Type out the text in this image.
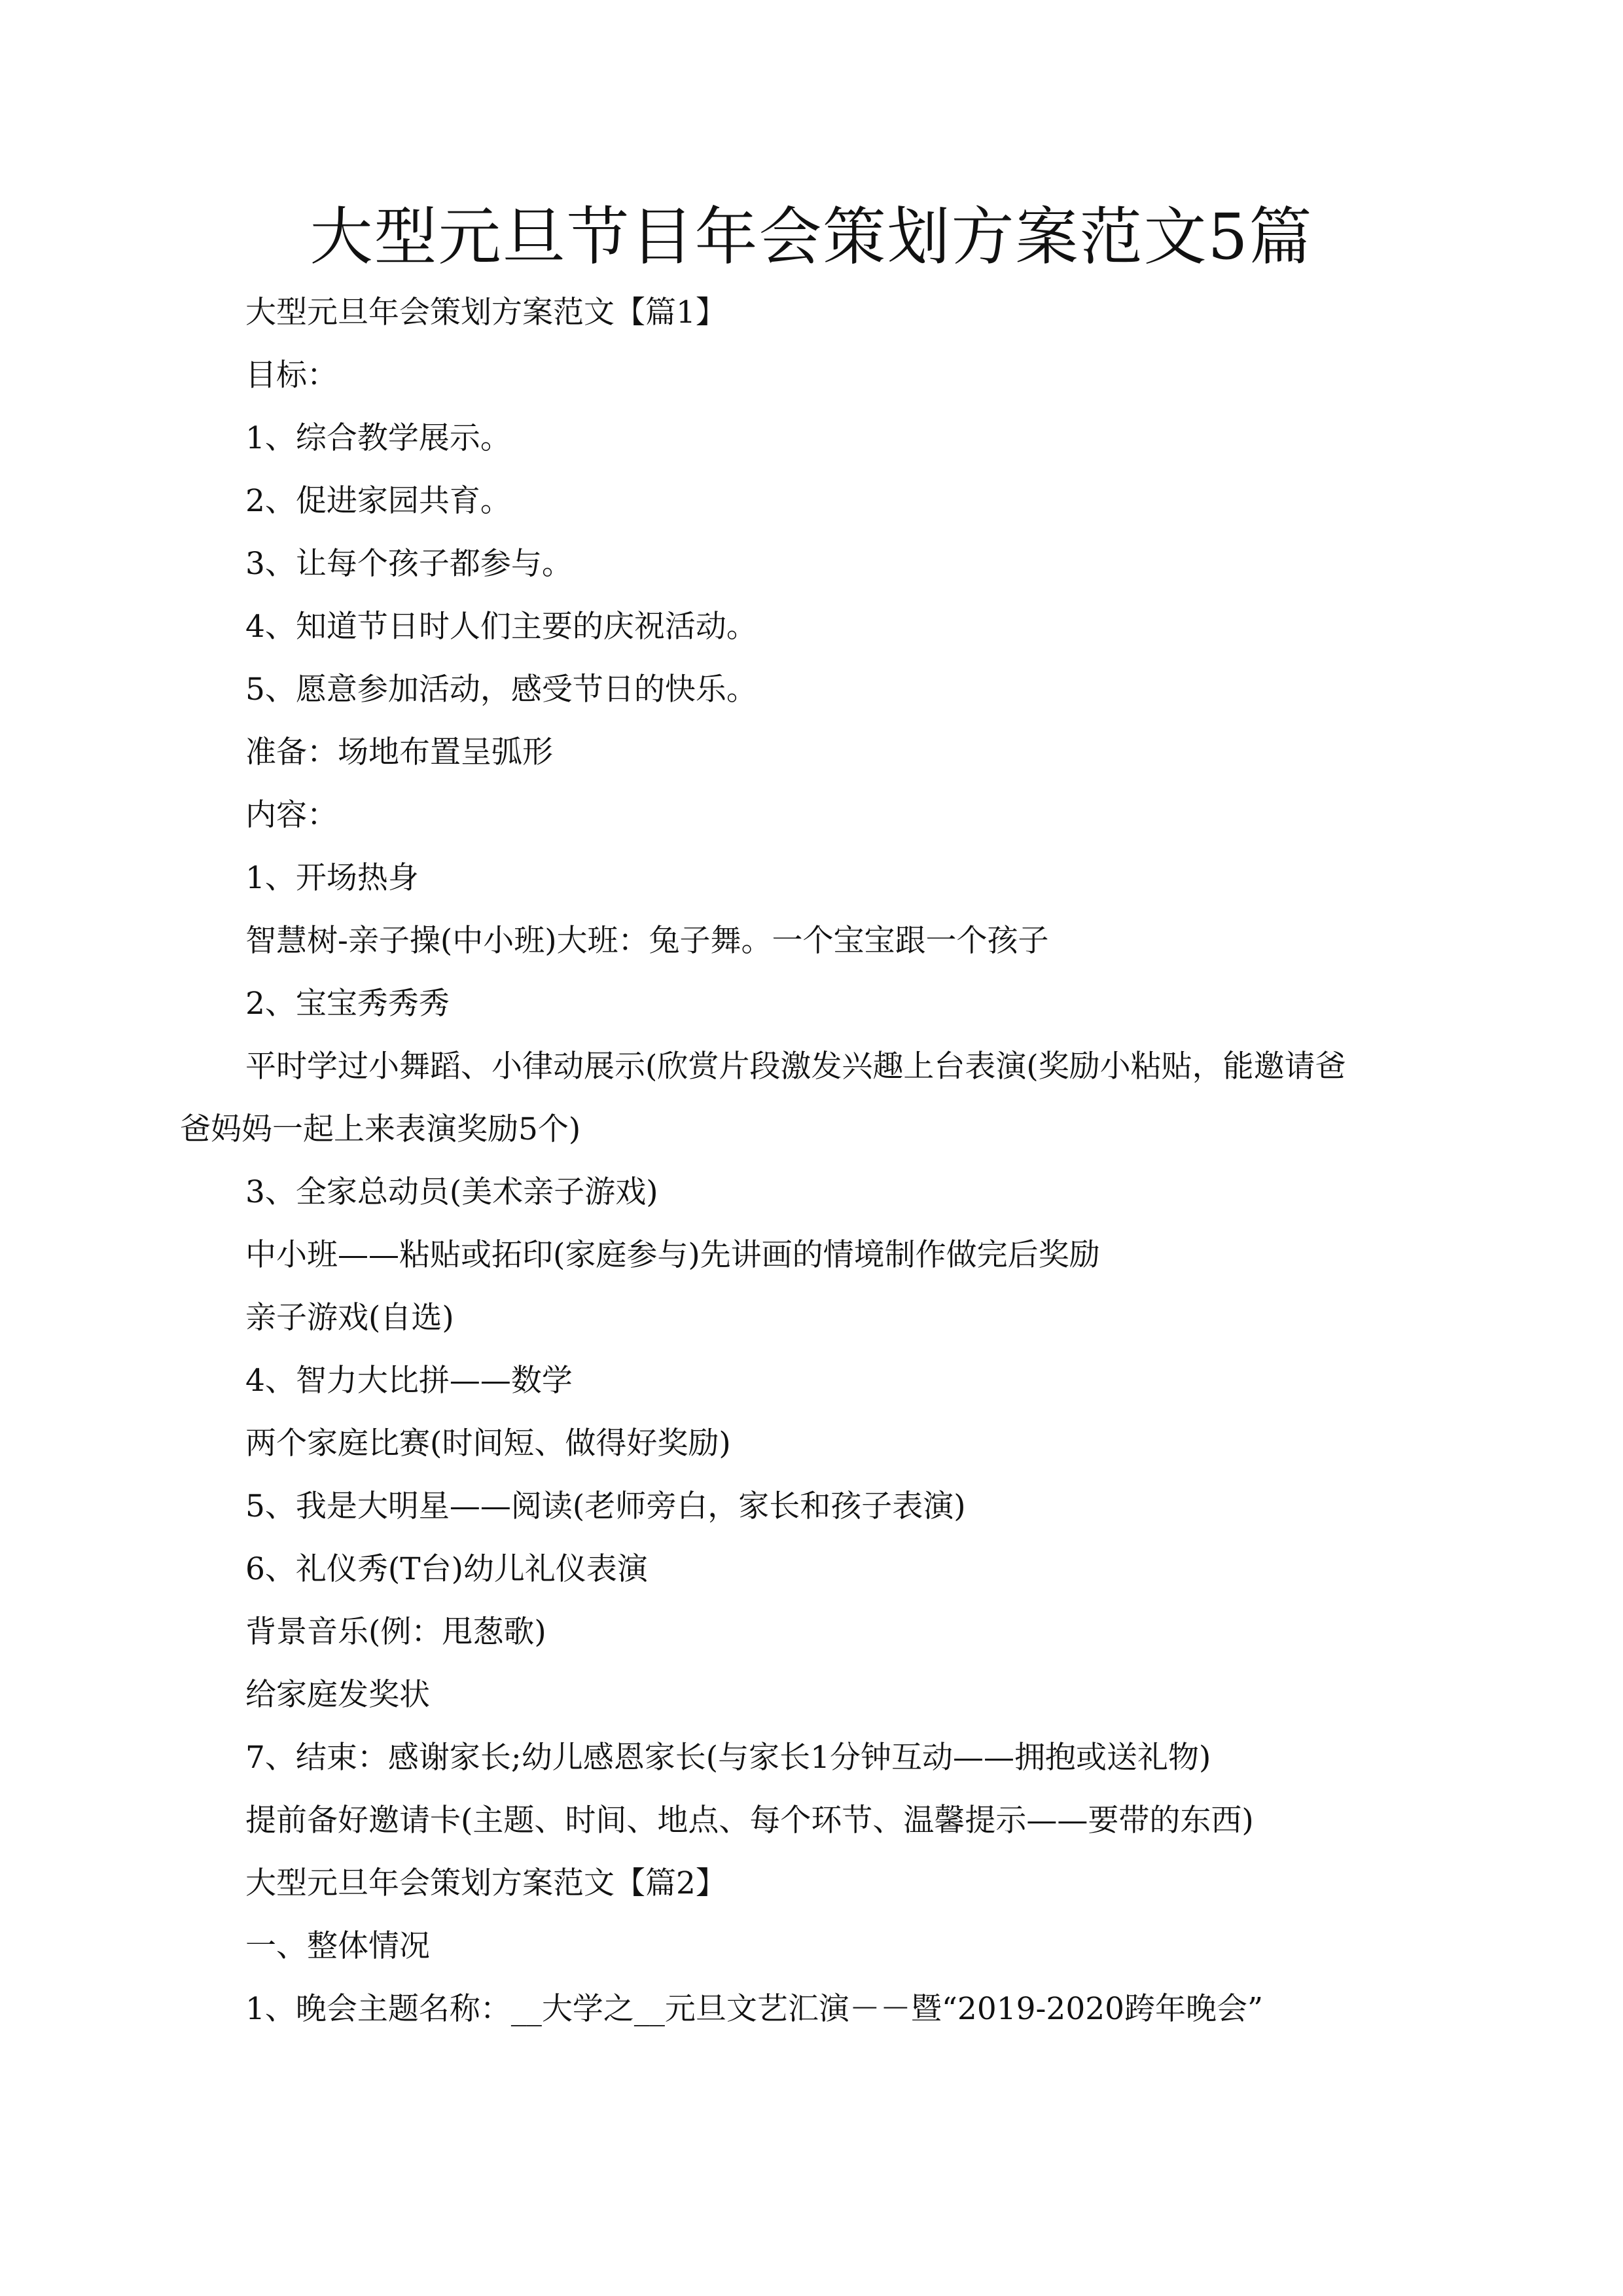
大型元旦节目年会策划方案范文5篇

大型元旦年会策划方案范文【篇1】

目标：

1、综合教学展示。

2、促进家园共育。

3、让每个孩子都参与。

4、知道节日时人们主要的庆祝活动。

5、愿意参加活动，感受节日的快乐。

准备：场地布置呈弧形

内容：

1、开场热身

智慧树-亲子操(中小班)大班：兔子舞。一个宝宝跟一个孩子

2、宝宝秀秀秀

平时学过小舞蹈、小律动展示(欣赏片段激发兴趣上台表演(奖励小粘贴，能邀请爸爸妈妈一起上来表演奖励5个)

3、全家总动员(美术亲子游戏)

中小班——粘贴或拓印(家庭参与)先讲画的情境制作做完后奖励

亲子游戏(自选)

4、智力大比拼——数学

两个家庭比赛(时间短、做得好奖励)

5、我是大明星——阅读(老师旁白，家长和孩子表演)

6、礼仪秀(T台)幼儿礼仪表演

背景音乐(例：甩葱歌)

给家庭发奖状

7、结束：感谢家长;幼儿感恩家长(与家长1分钟互动——拥抱或送礼物)

提前备好邀请卡(主题、时间、地点、每个环节、温馨提示——要带的东西)

大型元旦年会策划方案范文【篇2】

一、整体情况

1、晚会主题名称：__大学之__元旦文艺汇演－－暨“2019-2020跨年晚会”
